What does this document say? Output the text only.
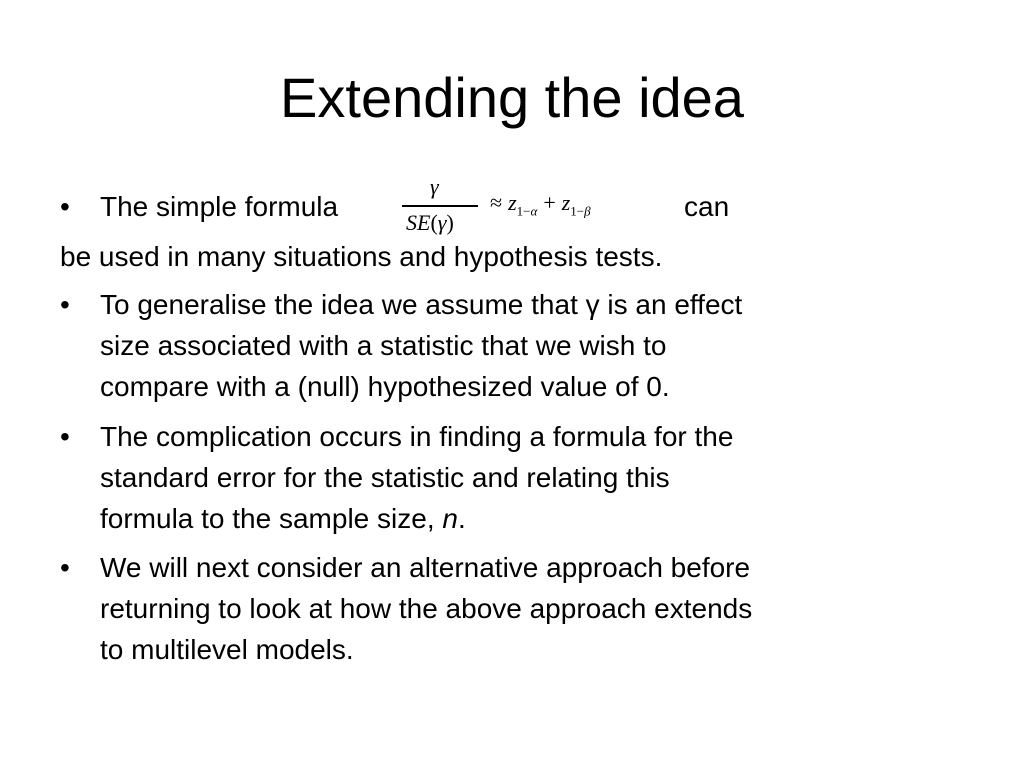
Extending the idea
• The simple formula
γ
SE(γ)
≈ $z_{1-\alpha} + z_{1-\beta}$	can
be used in many situations and hypothesis tests.
• To generalise the idea we assume that γ is an effect
size associated with a statistic that we wish to
compare with a (null) hypothesized value of 0.
• The complication occurs in finding a formula for the
standard error for the statistic and relating this
formula to the sample size, n.
• We will next consider an alternative approach before
returning to look at how the above approach extends
to multilevel models.
